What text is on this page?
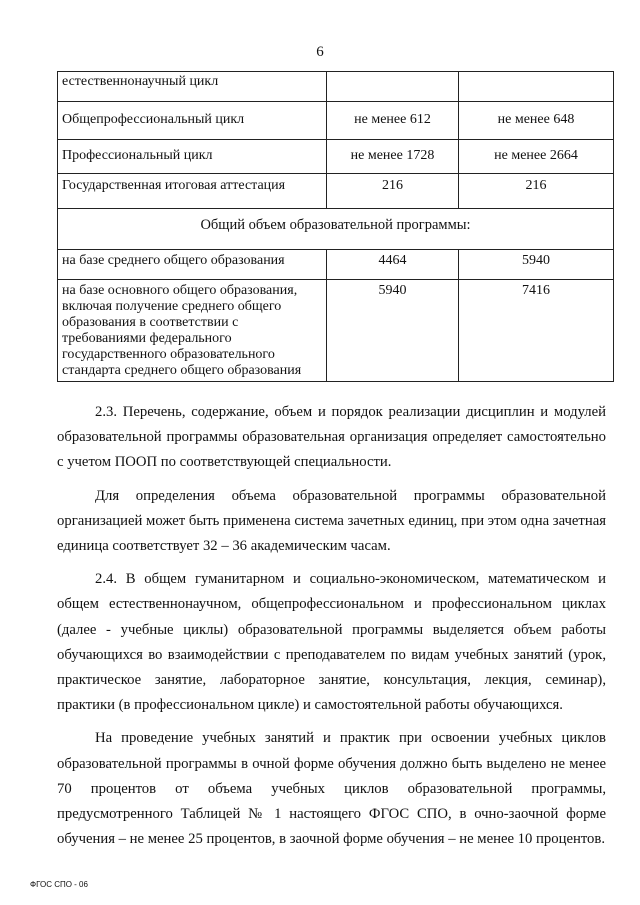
6
естественнонаучный цикл		
Общепрофессиональный цикл	не менее 612	не менее 648
Профессиональный цикл	не менее 1728	не менее 2664
Государственная итоговая аттестация	216	216
Общий объем образовательной программы:		
на базе среднего общего образования	4464	5940
на базе основного общего образования, включая получение среднего общего образования в соответствии с требованиями федерального государственного образовательного стандарта среднего общего образования	5940	7416

2.3. Перечень, содержание, объем и порядок реализации дисциплин и модулей образовательной программы образовательная организация определяет самостоятельно с учетом ПООП по соответствующей специальности.

Для определения объема образовательной программы образовательной организацией может быть применена система зачетных единиц, при этом одна зачетная единица соответствует 32 – 36 академическим часам.

2.4. В общем гуманитарном и социально-экономическом, математическом и общем естественнонаучном, общепрофессиональном и профессиональном циклах (далее - учебные циклы) образовательной программы выделяется объем работы обучающихся во взаимодействии с преподавателем по видам учебных занятий (урок, практическое занятие, лабораторное занятие, консультация, лекция, семинар), практики (в профессиональном цикле) и самостоятельной работы обучающихся.

На проведение учебных занятий и практик при освоении учебных циклов образовательной программы в очной форме обучения должно быть выделено не менее 70 процентов от объема учебных циклов образовательной программы, предусмотренного Таблицей № 1 настоящего ФГОС СПО, в очно-заочной форме обучения – не менее 25 процентов, в заочной форме обучения – не менее 10 процентов.

ФГОС СПО - 06
